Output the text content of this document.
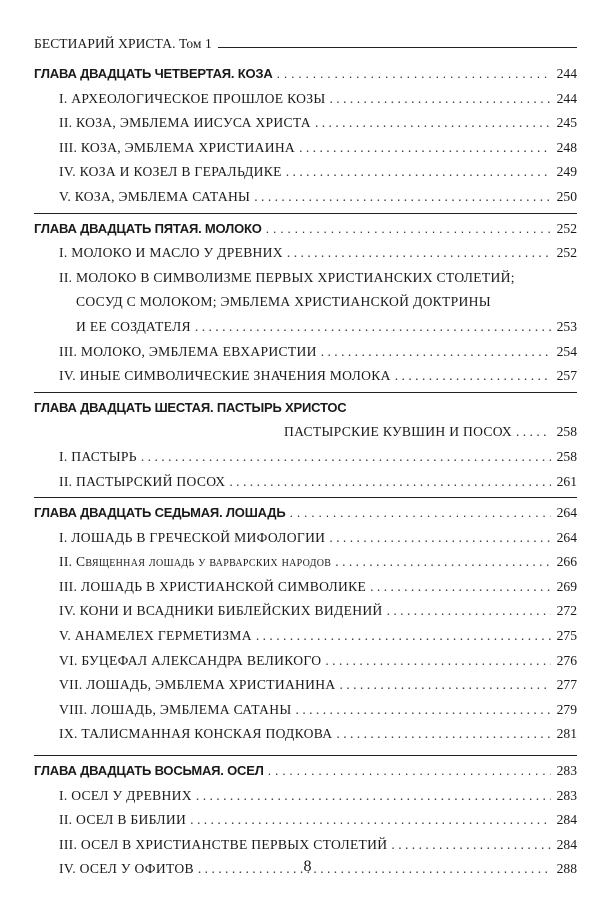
БЕСТИАРИЙ ХРИСТА. Том 1
ГЛАВА ДВАДЦАТЬ ЧЕТВЕРТАЯ. КОЗА . . .	244
I. АРХЕОЛОГИЧЕСКОЕ ПРОШЛОЕ КОЗЫ . . .	244
II. КОЗА, ЭМБЛЕМА ИИСУСА ХРИСТА . . .	245
III. КОЗА, ЭМБЛЕМА ХРИСТИАИНА . . .	248
IV. КОЗА И КОЗЕЛ В ГЕРАЛЬДИКЕ . . .	249
V. КОЗА, ЭМБЛЕМА САТАНЫ . . .	250
ГЛАВА ДВАДЦАТЬ ПЯТАЯ. МОЛОКО . . .	252
I. МОЛОКО И МАСЛО У ДРЕВНИХ . . .	252
II. МОЛОКО В СИМВОЛИЗМЕ ПЕРВЫХ ХРИСТИАНСКИХ СТОЛЕТИЙ;
СОСУД С МОЛОКОМ; ЭМБЛЕМА ХРИСТИАНСКОЙ ДОКТРИНЫ
И ЕЕ СОЗДАТЕЛЯ . . .	253
III. МОЛОКО, ЭМБЛЕМА ЕВХАРИСТИИ . . .	254
IV. ИНЫЕ СИМВОЛИЧЕСКИЕ ЗНАЧЕНИЯ МОЛОКА . . .	257
ГЛАВА ДВАДЦАТЬ ШЕСТАЯ. ПАСТЫРЬ ХРИСТОС
ПАСТЫРСКИЕ КУВШИН И ПОСОХ . . .	258
I. ПАСТЫРЬ . . .	258
II. ПАСТЫРСКИЙ ПОСОХ . . .	261
ГЛАВА ДВАДЦАТЬ СЕДЬМАЯ. ЛОШАДЬ . . .	264
I. ЛОШАДЬ В ГРЕЧЕСКОЙ МИФОЛОГИИ . . .	264
II. Священная лошадь у варварских народов . . .	266
III. ЛОШАДЬ В ХРИСТИАНСКОЙ СИМВОЛИКЕ . . .	269
IV. КОНИ И ВСАДНИКИ БИБЛЕЙСКИХ ВИДЕНИЙ . . .	272
V. АНАМЕЛЕХ ГЕРМЕТИЗМА . . .	275
VI. БУЦЕФАЛ АЛЕКСАНДРА ВЕЛИКОГО . . .	276
VII. ЛОШАДЬ, ЭМБЛЕМА ХРИСТИАНИНА . . .	277
VIII. ЛОШАДЬ, ЭМБЛЕМА САТАНЫ . . .	279
IX. ТАЛИСМАННАЯ КОНСКАЯ ПОДКОВА . . .	281
ГЛАВА ДВАДЦАТЬ ВОСЬМАЯ. ОСЕЛ . . .	283
I. ОСЕЛ У ДРЕВНИХ . . .	283
II. ОСЕЛ В БИБЛИИ . . .	284
III. ОСЕЛ В ХРИСТИАНСТВЕ ПЕРВЫХ СТОЛЕТИЙ . . .	284
IV. ОСЕЛ У ОФИТОВ . . .	288
8
